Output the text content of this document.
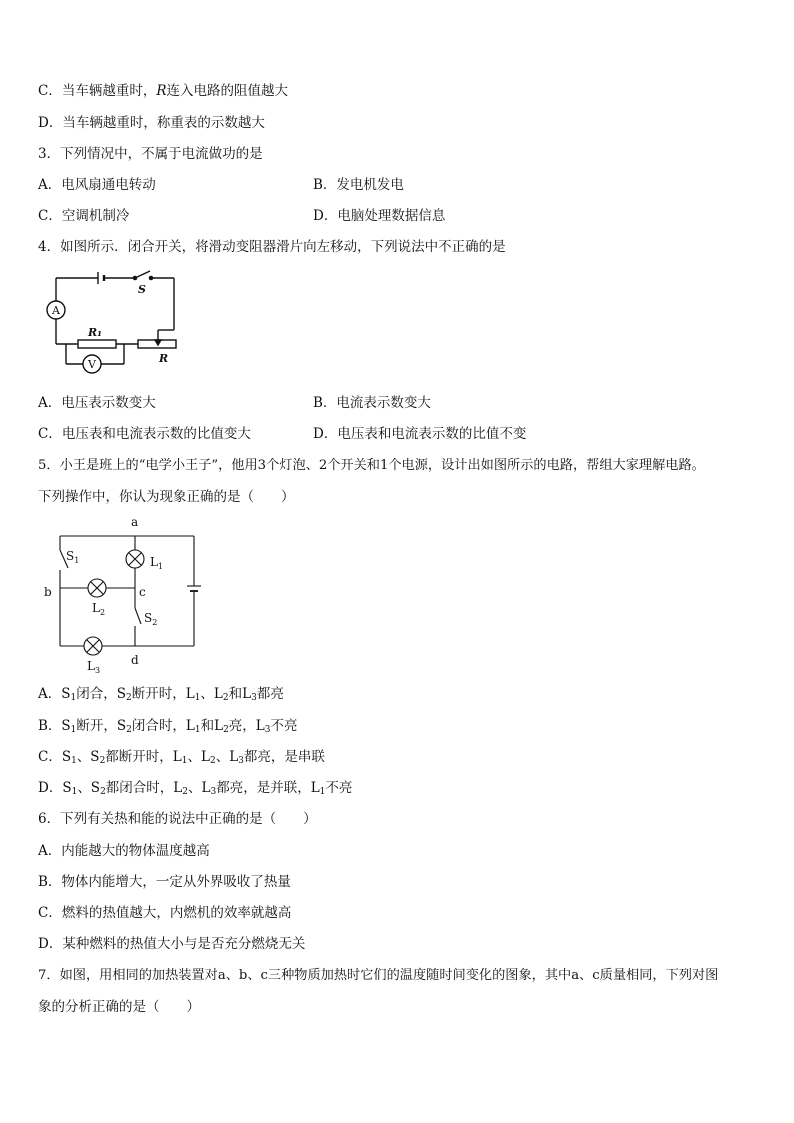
C．当车辆越重时，R连入电路的阻值越大
D．当车辆越重时，称重表的示数越大
3．下列情况中，不属于电流做功的是
A．电风扇通电转动	B．发电机发电
C．空调机制冷	D．电脑处理数据信息
4．如图所示．闭合开关，将滑动变阻器滑片向左移动，下列说法中不正确的是
A
V
S
R₁
R
A．电压表示数变大	B．电流表示数变大
C．电压表和电流表示数的比值变大	D．电压表和电流表示数的比值不变
5．小王是班上的“电学小王子”，他用3个灯泡、2个开关和1个电源，设计出如图所示的电路，帮组大家理解电路。
下列操作中，你认为现象正确的是（　　）
a
b	c
d
$S_1$
$S_2$
$L_1$
$L_2$
$L_3$
A．$S_1$闭合，$S_2$断开时，$L_1$、$L_2$和$L_3$都亮
B．$S_1$断开，$S_2$闭合时，$L_1$和$L_2$亮，$L_3$不亮
C．$S_1$、$S_2$都断开时，$L_1$、$L_2$、$L_3$都亮，是串联
D．$S_1$、$S_2$都闭合时，$L_2$、$L_3$都亮，是并联，$L_1$不亮
6．下列有关热和能的说法中正确的是（　　）
A．内能越大的物体温度越高
B．物体内能增大，一定从外界吸收了热量
C．燃料的热值越大，内燃机的效率就越高
D．某种燃料的热值大小与是否充分燃烧无关
7．如图，用相同的加热装置对a、b、c三种物质加热时它们的温度随时间变化的图象，其中a、c质量相同，下列对图
象的分析正确的是（　　）
